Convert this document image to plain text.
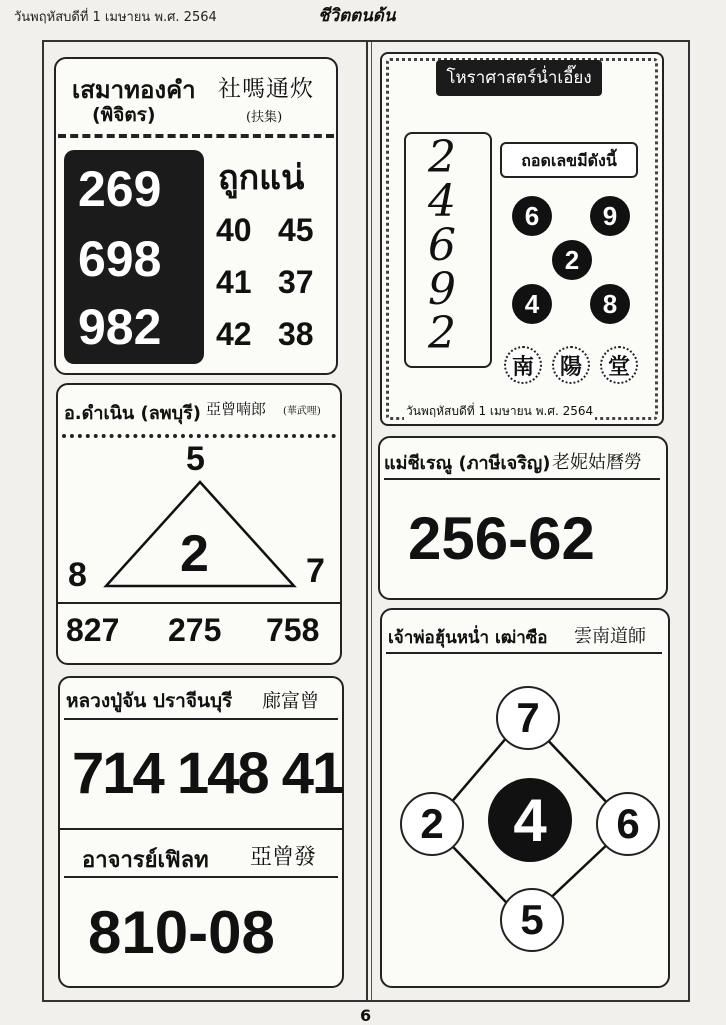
วันพฤหัสบดีที่ 1 เมษายน พ.ศ. 2564	ชีวิตตนด้น
เสมาทองคำ
(พิจิตร)
社嗎通炊
(扶集)
269
698
982
ถูกแน่
40 45
41 37
42 38
อ.ดำเนิน (ลพบุรี) 亞曾喃郎 (華武哩)
5
2
8	7
827 275 758
หลวงปู่จัน ปราจีนบุรี 廊富曾
714 148 41
อาจารย์เฟิลท 亞曾發
810-08
โหราศาสตร์น่ำเอี๊ยง
2
4
6
9
2
ถอดเลขมีดังนี้
6	9
2
4	8
南	陽	堂
วันพฤหัสบดีที่ 1 เมษายน พ.ศ. 2564
แม่ชีเรณู (ภาษีเจริญ) 老妮姑曆勞
256-62
เจ้าพ่อฮุ้นหน่ำ เฒ่าซือ 雲南道師
7
2	4	6
5
6
